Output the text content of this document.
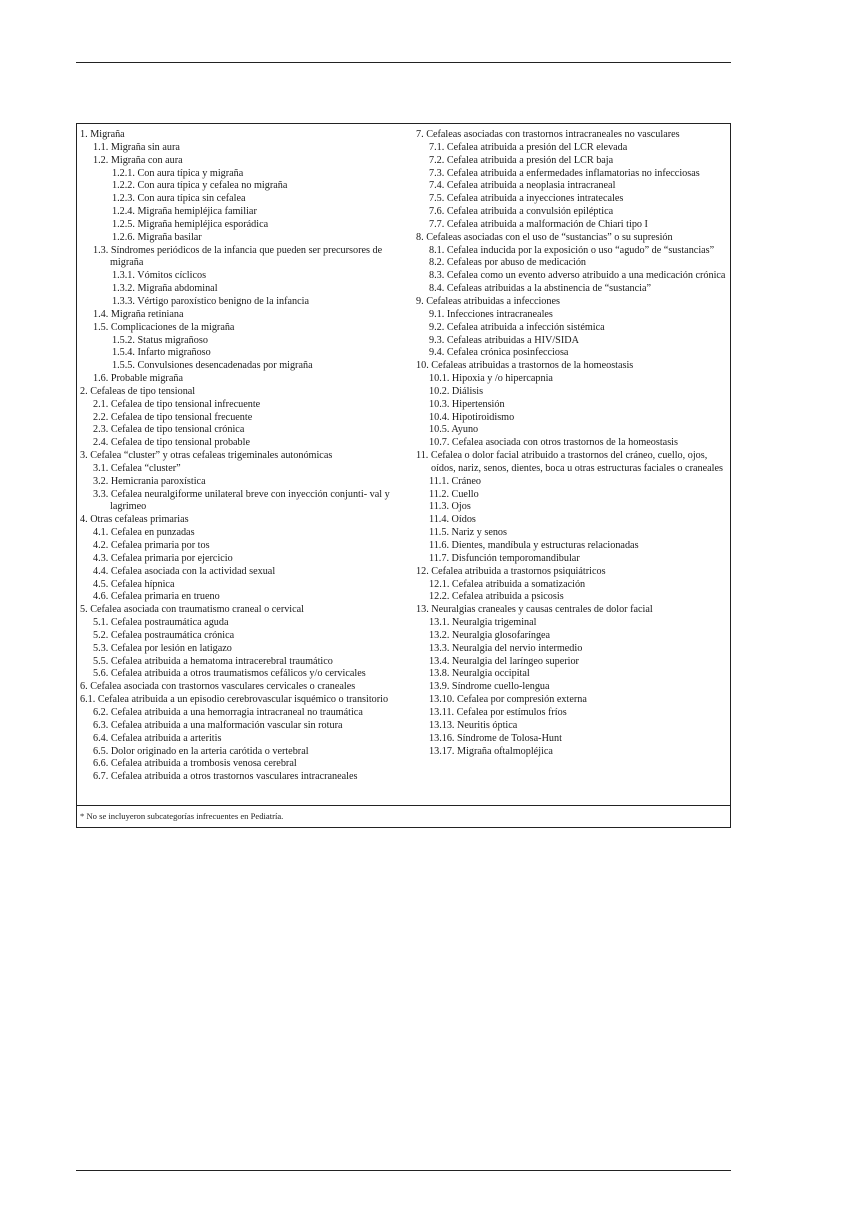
1. Migraña
1.1. Migraña sin aura
1.2. Migraña con aura
1.2.1. Con aura típica y migraña
1.2.2. Con aura típica y cefalea no migraña
1.2.3. Con aura típica sin cefalea
1.2.4. Migraña hemipléjica familiar
1.2.5. Migraña hemipléjica esporádica
1.2.6. Migraña basilar
1.3. Síndromes periódicos de la infancia que pueden ser precursores de migraña
1.3.1. Vómitos cíclicos
1.3.2. Migraña abdominal
1.3.3. Vértigo paroxístico benigno de la infancia
1.4. Migraña retiniana
1.5. Complicaciones de la migraña
1.5.2. Status migrañoso
1.5.4. Infarto migrañoso
1.5.5. Convulsiones desencadenadas por migraña
1.6. Probable migraña
2. Cefaleas de tipo tensional
2.1. Cefalea de tipo tensional infrecuente
2.2. Cefalea de tipo tensional frecuente
2.3. Cefalea de tipo tensional crónica
2.4. Cefalea de tipo tensional probable
3. Cefalea “cluster” y otras cefaleas trigeminales autonómicas
3.1. Cefalea “cluster”
3.2. Hemicrania paroxística
3.3. Cefalea neuralgiforme unilateral breve con inyección conjunti- val y lagrimeo
4. Otras cefaleas primarias
4.1. Cefalea en punzadas
4.2. Cefalea primaria por tos
4.3. Cefalea primaria por ejercicio
4.4. Cefalea asociada con la actividad sexual
4.5. Cefalea hípnica
4.6. Cefalea primaria en trueno
5. Cefalea asociada con traumatismo craneal o cervical
5.1. Cefalea postraumática aguda
5.2. Cefalea postraumática crónica
5.3. Cefalea por lesión en latigazo
5.5. Cefalea atribuida a hematoma intracerebral traumático
5.6. Cefalea atribuida a otros traumatismos cefálicos y/o cervicales
6. Cefalea asociada con trastornos vasculares cervicales o craneales
6.1. Cefalea atribuida a un episodio cerebrovascular isquémico o transitorio
6.2. Cefalea atribuida a una hemorragia intracraneal no traumática
6.3. Cefalea atribuida a una malformación vascular sin rotura
6.4. Cefalea atribuida a arteritis
6.5. Dolor originado en la arteria carótida o vertebral
6.6. Cefalea atribuida a trombosis venosa cerebral
6.7. Cefalea atribuida a otros trastornos vasculares intracraneales
7. Cefaleas asociadas con trastornos intracraneales no vasculares
7.1. Cefalea atribuida a presión del LCR elevada
7.2. Cefalea atribuida a presión del LCR baja
7.3. Cefalea atribuida a enfermedades inflamatorias no infecciosas
7.4. Cefalea atribuida a neoplasia intracraneal
7.5. Cefalea atribuida a inyecciones intratecales
7.6. Cefalea atribuida a convulsión epiléptica
7.7. Cefalea atribuida a malformación de Chiari tipo I
8. Cefaleas asociadas con el uso de “sustancias” o su supresión
8.1. Cefalea inducida por la exposición o uso “agudo” de “sustancias”
8.2. Cefaleas por abuso de medicación
8.3. Cefalea como un evento adverso atribuido a una medicación crónica
8.4. Cefaleas atribuidas a la abstinencia de “sustancia”
9. Cefaleas atribuidas a infecciones
9.1. Infecciones intracraneales
9.2. Cefalea atribuida a infección sistémica
9.3. Cefaleas atribuidas a HIV/SIDA
9.4. Cefalea crónica posinfecciosa
10. Cefaleas atribuidas a trastornos de la homeostasis
10.1. Hipoxia y /o hipercapnia
10.2. Diálisis
10.3. Hipertensión
10.4. Hipotiroidismo
10.5. Ayuno
10.7. Cefalea asociada con otros trastornos de la homeostasis
11. Cefalea o dolor facial atribuido a trastornos del cráneo, cuello, ojos, oídos, nariz, senos, dientes, boca u otras estructuras faciales o craneales
11.1. Cráneo
11.2. Cuello
11.3. Ojos
11.4. Oídos
11.5. Nariz y senos
11.6. Dientes, mandíbula y estructuras relacionadas
11.7. Disfunción temporomandibular
12. Cefalea atribuida a trastornos psiquiátricos
12.1. Cefalea atribuida a somatización
12.2. Cefalea atribuida a psicosis
13. Neuralgias craneales y causas centrales de dolor facial
13.1. Neuralgia trigeminal
13.2. Neuralgia glosofaríngea
13.3. Neuralgia del nervio intermedio
13.4. Neuralgia del laríngeo superior
13.8. Neuralgia occipital
13.9. Síndrome cuello-lengua
13.10. Cefalea por compresión externa
13.11. Cefalea por estímulos fríos
13.13. Neuritis óptica
13.16. Síndrome de Tolosa-Hunt
13.17. Migraña oftalmopléjica
* No se incluyeron subcategorías infrecuentes en Pediatría.
